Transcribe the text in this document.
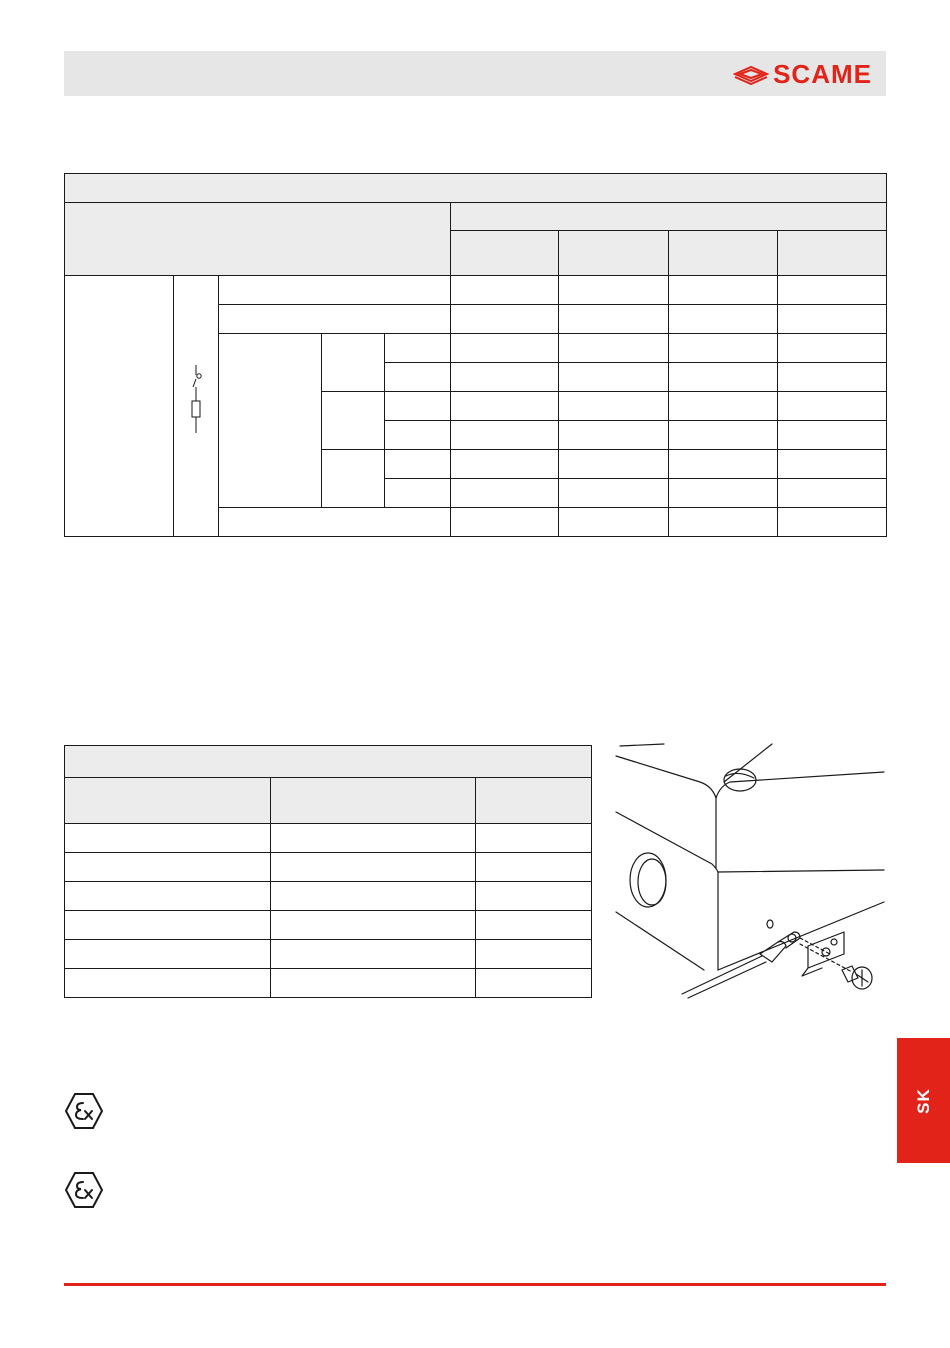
SCAME

SK
